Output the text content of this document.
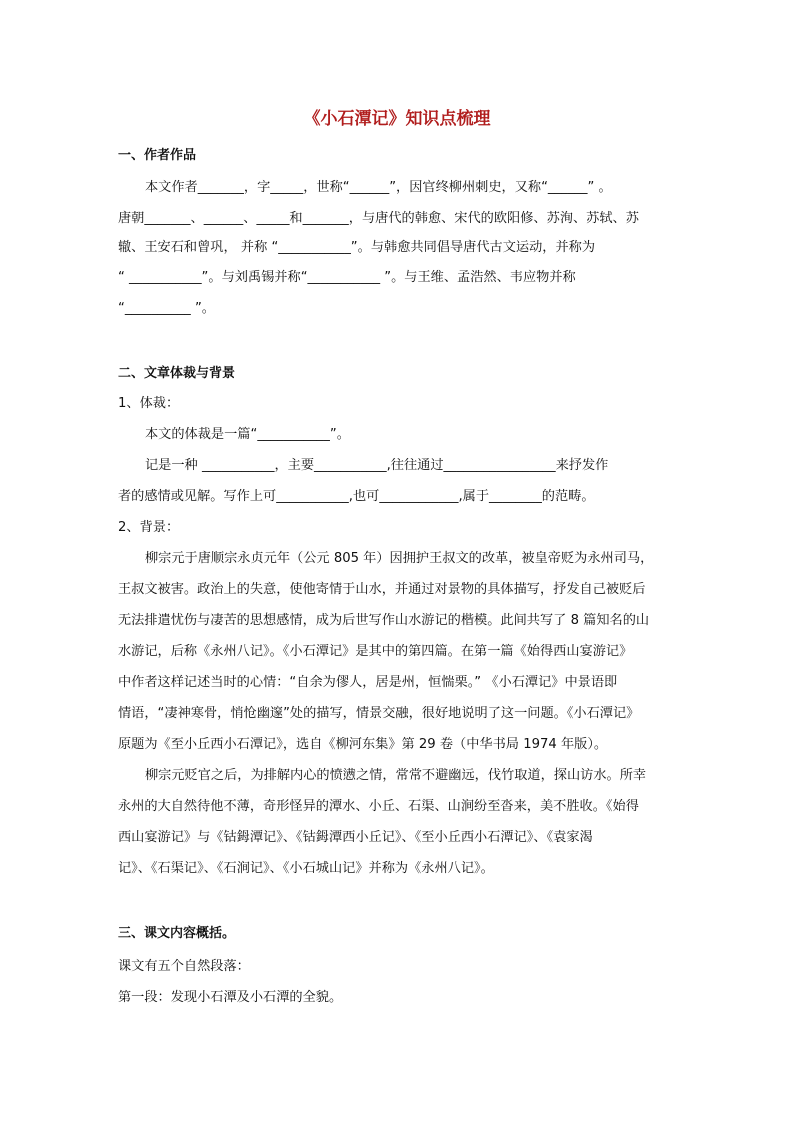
《小石潭记》知识点梳理
一、作者作品
本文作者_______，字_____，世称“______”，因官终柳州刺史，又称“______” 。
唐朝_______、______、_____和_______，与唐代的韩愈、宋代的欧阳修、苏洵、苏轼、苏
辙、王安石和曾巩， 并称 “___________”。与韩愈共同倡导唐代古文运动，并称为
“ ___________”。与刘禹锡并称“___________ ”。与王维、孟浩然、韦应物并称
“__________ ”。
二、文章体裁与背景
1、体裁：
本文的体裁是一篇“___________”。
记是一种 ___________，主要___________,往往通过_________________来抒发作
者的感情或见解。写作上可___________,也可____________,属于________的范畴。
2、背景：
柳宗元于唐顺宗永贞元年（公元 805 年）因拥护王叔文的改革，被皇帝贬为永州司马，
王叔文被害。政治上的失意，使他寄情于山水，并通过对景物的具体描写，抒发自己被贬后
无法排遣忧伤与凄苦的思想感情，成为后世写作山水游记的楷模。此间共写了 8 篇知名的山
水游记，后称《永州八记》。《小石潭记》是其中的第四篇。在第一篇《始得西山宴游记》
中作者这样记述当时的心情：“自余为僇人，居是州，恒惴栗。” 《小石潭记》中景语即
情语，“凄神寒骨，悄怆幽邃”处的描写，情景交融，很好地说明了这一问题。《小石潭记》
原题为《至小丘西小石潭记》，选自《柳河东集》第 29 卷（中华书局 1974 年版）。
柳宗元贬官之后，为排解内心的愤懑之情，常常不避幽远，伐竹取道，探山访水。所幸
永州的大自然待他不薄，奇形怪异的潭水、小丘、石渠、山涧纷至沓来，美不胜收。《始得
西山宴游记》与《钴鉧潭记》、《钴鉧潭西小丘记》、《至小丘西小石潭记》、《袁家渴
记》、《石渠记》、《石涧记》、《小石城山记》并称为《永州八记》。
三、课文内容概括。
课文有五个自然段落：
第一段：发现小石潭及小石潭的全貌。
